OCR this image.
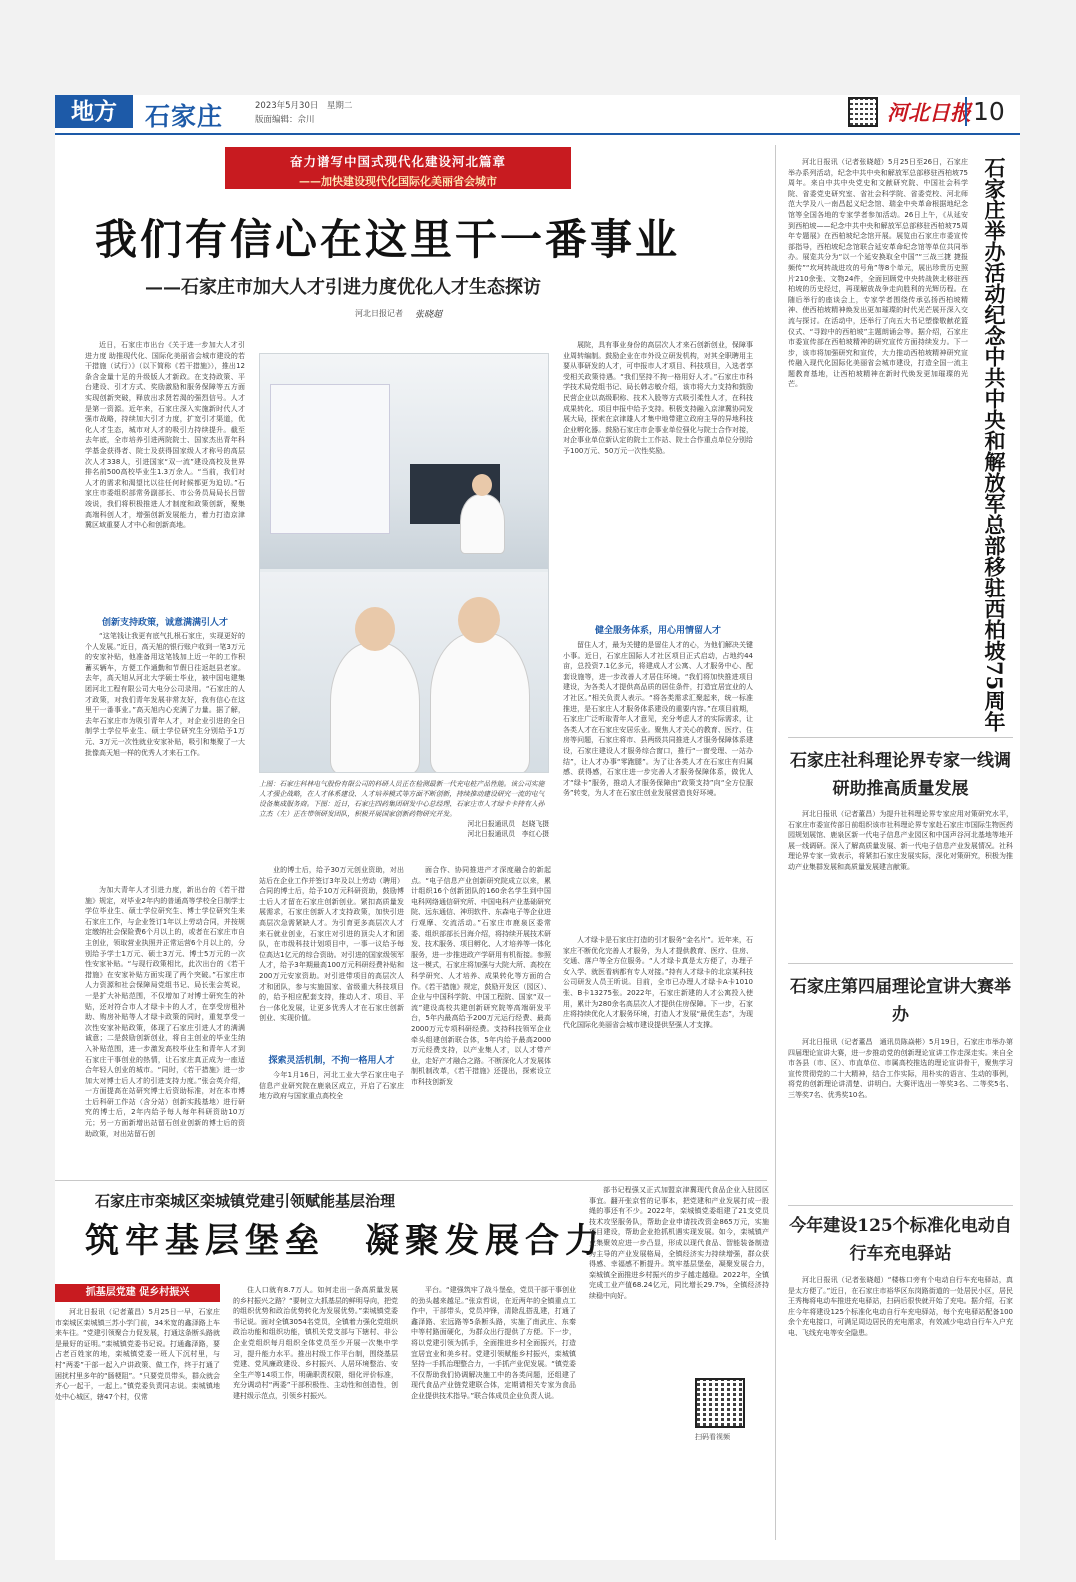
地方	石家庄	2023年5月30日　星期二
版面编辑：佘川	河北日报 10
奋力谱写中国式现代化建设河北篇章
——加快建设现代化国际化美丽省会城市
我们有信心在这里干一番事业
——石家庄市加大人才引进力度优化人才生态探访
河北日报记者 张晓超

近日，石家庄市出台《关于进一步加大人才引进力度 助推现代化、国际化美丽省会城市建设的若干措施（试行）》（以下简称《若干措施》），推出12条含金量十足的升级版人才新政。在支持政策、平台建设、引才方式、奖励激励和服务保障等五方面实现创新突破，释放出求贤若渴的强烈信号。人才是第一资源。近年来，石家庄深入实施新时代人才强市战略，持续加大引才力度，扩宽引才渠道，优化人才生态，城市对人才的吸引力持续提升。截至去年底，全市培养引进两院院士、国家杰出青年科学基金获得者、院士及获得国家级人才称号的高层次人才338人，引进国家“双一流”建设高校及世界排名前500高校毕业生1.3万余人。“当前，我们对人才的需求和渴望比以往任何时候都更为迫切。”石家庄市委组织部常务副部长、市公务员局局长吕智竣说，我们将积极推进人才制度和政策创新，聚集高端科创人才，增强创新发展能力，着力打造京津冀区域重要人才中心和创新高地。

创新支持政策，诚意满满引人才

“这笔钱让我更有底气扎根石家庄，实现更好的个人发展。”近日，高天旭的银行账户收到一笔3万元的安家补贴，他准备用这笔钱加上近一年的工作积蓄买辆车，方便工作通勤和节假日往返赵县老家。去年，高天旭从河北大学硕士毕业，被中国电建集团河北工程有限公司大电分公司录用。“石家庄的人才政策，对我们青年发展非常友好，我有信心在这里干一番事业。”高天旭内心充满了力量。据了解，去年石家庄市为吸引青年人才，对企业引进的全日制学士学位毕业生、硕士学位研究生分别给予1万元、3万元一次性就业安家补贴，吸引和集聚了一大批像高天旭一样的优秀人才来石工作。

为加大青年人才引进力度，新出台的《若干措施》规定，对毕业2年内的普通高等学校全日制学士学位毕业生、硕士学位研究生、博士学位研究生来石家庄工作，与企业签订1年以上劳动合同，并按规定缴纳社会保险费6个月以上的，或者在石家庄市自主创业，领取营业执照并正常运营6个月以上的，分别给予学士1万元、硕士3万元、博士5万元的一次性安家补贴。“与现行政策相比，此次出台的《若干措施》在安家补贴方面实现了两个突破。”石家庄市人力资源和社会保障局党组书记、局长张会英说，一是扩大补贴范围，不仅增加了对博士研究生的补贴，还对符合市人才绿卡卡的人才，在享受房租补助、购房补贴等人才绿卡政策的同时，重复享受一次性安家补贴政策，体现了石家庄引进人才的满满诚意；二是鼓励创新创业，将自主创业的毕业生纳入补贴范围，进一步激发高校毕业生和青年人才到石家庄干事创业的热情，让石家庄真正成为一座适合年轻人创业的城市。“同时，《若干措施》进一步加大对博士后人才的引进支持力度。”张会英介绍，一方面提高在站研究博士后资助标准，对在本市博士后科研工作站（含分站）创新实践基地）进行研究的博士后，2年内给予每人每年科研资助10万元；另一方面新增出站留石创业创新的博士后的资助政策，对出站留石创

上图：石家庄科林电气股份有限公司的科研人员正在检测最新一代充电桩产品性能。该公司实施人才强企战略，在人才体系建设、人才培养模式等方面不断创新，持续推动建设研究一流的电气设备集成服务商。下图：近日，石家庄四药集团研发中心总经理、石家庄市人才绿卡卡持有人孙立杰（左）正在带领研发团队，积极开展国家创新药物研究开发。
河北日报通讯员　赵晓飞摄
河北日报通讯员　李红心摄

业的博士后，给予30万元创业资助，对出站后在企业工作并签订3年及以上劳动（聘用）合同的博士后，给予10万元科研资助，鼓励博士后人才留在石家庄创新创业。紧扣高质量发展需求，石家庄创新人才支持政策，加快引进高层次急需紧缺人才。为引育更多高层次人才来石就业创业，石家庄对引进的顶尖人才和团队，在市级科技计划项目中，一事一议给予每位高达1亿元的综合资助。对引进的国家级领军人才，给予3年期最高100万元科研经费补贴和200万元安家资助。对引进带项目的高层次人才和团队，参与实施国家、省级重大科技项目的，给予相应配套支持，推动人才、项目、平台一体化发展，让更多优秀人才在石家庄创新创业、实现价值。

探索灵活机制，不拘一格用人才

今年1月16日，河北工业大学石家庄电子信息产业研究院在鹿泉区成立，开启了石家庄地方政府与国家重点高校全

面合作、协同推进产才深度融合的新起点。“电子信息产业创新研究院成立以来，累计组织16个创新团队的160余名学生到中国电科网络通信研究所、中国电科产业基础研究院、远东通信、神玥软件、东森电子等企业进行观摩、交流活动。”石家庄市鹿泉区委常委、组织部部长吕海介绍，将持续开展技术研发、技术服务、项目孵化、人才培养等一体化服务，进一步推进政产学研用有机衔接。参照这一模式，石家庄将加强与大院大所、高校在科学研究、人才培养、成果转化等方面的合作。《若干措施》规定，鼓励开发区（园区）、企业与中国科学院、中国工程院、国家“双一流”建设高校共建创新研究院等高端研发平台，5年内最高给予200万元运行经费、最高2000万元专项科研经费。支持科技领军企业牵头组建创新联合体，5年内给予最高2000万元经费支持，以产业集人才，以人才带产业，走好产才融合之路。不断深化人才发展体制机制改革，《若干措施》还提出，探索设立市科技创新发

展院，具有事业身份的高层次人才来石创新创业，保障事业周转编制。鼓励企业在市外设立研发机构，对其全职聘用主要从事研发的人才，可申报市人才项目、科技项目，入选者享受相关政策待遇。“我们坚持不拘一格用好人才。”石家庄市科学技术局党组书记、局长韩志敏介绍，该市将大力支持和鼓励民营企业以高级职称、技术入股等方式吸引柔性人才，在科技成果转化、项目申报中给予支持。积极支持融入京津冀协同发展大局，探索在京津雄人才集中地带建立政府主导的异地科技企业孵化器。鼓励石家庄市企事业单位强化与院士合作对接，对企事业单位新认定的院士工作站、院士合作重点单位分别给予100万元、50万元一次性奖励。

健全服务体系，用心用情留人才

留住人才，最为关键的是留住人才的心，为他们解决关键小事。近日，石家庄国际人才社区项目正式启动，占地约44亩，总投资7.1亿多元，将建成人才公寓、人才服务中心、配套设施等，进一步改善人才居住环境。“我们将加快推进项目建设，为各类人才提供高品质的居住条件，打造宜居宜业的人才社区。”相关负责人表示。“将各类需求汇聚起来，统一标准推进，是石家庄人才服务体系建设的重要内容。”在项目前期，石家庄广泛听取青年人才意见，充分考虑人才的实际需求，让各类人才在石家庄安居乐业。聚焦人才关心的教育、医疗、住房等问题，石家庄将市、县两级共同推进人才服务保障体系建设，石家庄建设人才服务综合窗口，推行“一窗受理、一站办结”，让人才办事“零跑腿”。为了让各类人才在石家庄有归属感、获得感，石家庄进一步完善人才服务保障体系，做优人才“绿卡”服务，推动人才服务保障由“政策支持”向“全方位服务”转变，为人才在石家庄创业发展营造良好环境。

人才绿卡是石家庄打造的引才服务“金名片”。近年来，石家庄不断优化完善人才服务，为人才提供教育、医疗、住房、交通、落户等全方位服务。“人才绿卡真是太方便了，办理子女入学、就医看病都有专人对接。”持有人才绿卡的北京某科技公司研发人员王昕说。目前，全市已办理人才绿卡A卡1010张、B卡13275张。2022年，石家庄新建的人才公寓投入使用，累计为280余名高层次人才提供住房保障。下一步，石家庄将持续优化人才服务环境，打造人才发展“最优生态”，为现代化国际化美丽省会城市建设提供坚强人才支撑。

河北日报讯（记者张晓超）5月25日至26日，石家庄举办系列活动，纪念中共中央和解放军总部移驻西柏坡75周年。来自中共中央党史和文献研究院、中国社会科学院、省委党史研究室、省社会科学院、省委党校、河北师范大学及八一南昌起义纪念馆、瑞金中央革命根据地纪念馆等全国各地的专家学者参加活动。26日上午，《从延安到西柏坡——纪念中共中央和解放军总部移驻西柏坡75周年专题展》在西柏坡纪念馆开展。展览由石家庄市委宣传部指导，西柏坡纪念馆联合延安革命纪念馆等单位共同举办。展览共分为“以一个延安换取全中国”“三战三捷 捷报频传”“坎坷转战进攻的号角”等8个单元，展出珍贵历史照片210余张、文物24件，全面回顾党中央转战陕北移驻西柏坡的历史经过，再现解放战争走向胜利的光辉历程。在随后举行的座谈会上，专家学者围绕传承弘扬西柏坡精神、使西柏坡精神焕发出更加璀璨的时代光芒展开深入交流与探讨。在活动中，还举行了向五大书记塑像敬献花篮仪式、“寻踪中的西柏坡”主题朗诵会等。据介绍，石家庄市委宣传部在西柏坡精神的研究宣传方面持续发力。下一步，该市将加强研究和宣传，大力推动西柏坡精神研究宣传融入现代化国际化美丽省会城市建设，打造全国一流主题教育基地，让西柏坡精神在新时代焕发更加璀璨的光芒。	石家庄举办活动纪念中共中央和解放军总部移驻西柏坡75周年
石家庄社科理论界专家一线调研助推高质量发展

河北日报讯（记者董昌）为提升社科理论界专家应用对策研究水平，石家庄市委宣传部日前组织该市社科理论界专家赴石家庄市国际生物医药园规划展馆、鹿泉区新一代电子信息产业园区和中国声谷河北基地等地开展一线调研。深入了解高质量发展、新一代电子信息产业发展情况。社科理论界专家一致表示，将紧扣石家庄发展实际，深化对策研究，积极为推动产业集群发展和高质量发展建言献策。

石家庄第四届理论宣讲大赛举办

河北日报讯（记者董昌　通讯员陈焱彬）5月19日，石家庄市举办第四届理论宣讲大赛，进一步推动党的创新理论宣讲工作走深走实。来自全市各县（市、区）、市直单位、市属高校推选的理论宣讲骨干，聚焦学习宣传贯彻党的二十大精神，结合工作实际，用朴实的语言、生动的事例，将党的创新理论讲清楚、讲明白。大赛评选出一等奖3名、二等奖5名、三等奖7名、优秀奖10名。

今年建设125个标准化电动自行车充电驿站

河北日报讯（记者张晓超）“楼栋口旁有个电动自行车充电驿站，真是太方便了。”近日，在石家庄市裕华区东岗路街道的一处居民小区，居民王秀梅将电动车推进充电驿站，扫码后很快就开始了充电。据介绍，石家庄今年将建设125个标准化电动自行车充电驿站，每个充电驿站配备100余个充电接口，可满足周边居民的充电需求，有效减少电动自行车入户充电、飞线充电等安全隐患。

石家庄市栾城区栾城镇党建引领赋能基层治理
筑牢基层堡垒　 凝聚发展合力
抓基层党建 促乡村振兴

河北日报讯（记者董昌）5月25日一早，石家庄市栾城区栾城镇三苏小学门前，34米宽的鑫泽路上车来车往。“党建引领聚合力促发展，打通这条断头路就是最好的证明。”栾城镇党委书记说。打通鑫泽路，要占老百姓家的地，栾城镇党委一班人下沉村里，与村“两委”干部一起入户讲政策、做工作，终于打通了困扰村里多年的“肠梗阻”。“只要党员带头，群众就会齐心一起干，一起上。”镇党委负责同志说。栾城镇地处中心城区，辖47个村，仅常

住人口就有8.7万人。如何走出一条高质量发展的乡村振兴之路？“要树立大抓基层的鲜明导向，把党的组织优势和政治优势转化为发展优势。”栾城镇党委书记说。面对全镇3054名党员，全镇着力强化党组织政治功能和组织功能，镇机关党支部与下辖村、非公企业党组织每月组织全体党员至少开展一次集中学习，提升能力水平。推出村级工作平台制，围绕基层党建、党风廉政建设、乡村振兴、人居环境整治、安全生产等14项工作，明确职责权限，细化评价标准，充分调动村“两委”干部积极性、主动性和创造性，创建村级示范点，引领乡村振兴。

平台。“建强筑牢了战斗堡垒，党员干部干事创业的劲头越来越足。”张京哲说，在近两年的全镇重点工作中，干部带头，党员冲锋，清除乱搭乱建，打通了鑫泽路、宏远路等5条断头路，实施了南武庄、东秦中等村路面硬化，为群众出行提供了方便。下一步，将以党建引领为抓手，全面推进乡村全面振兴，打造宜居宜业和美乡村。党建引领赋能乡村振兴，栾城镇坚持一手抓治理整合力，一手抓产业促发展。“镇党委不仅帮助我们协调解决施工中的各类问题，还组建了现代食品产业链党建联合体，定期请相关专家为食品企业提供技术指导。”联合体成员企业负责人说。

部书记程强又正式加盟京津冀现代食品企业入驻园区事宜。翻开张京哲的记事本，把党建和产业发展打成一股绳的事还有不少。2022年，栾城镇党委组建了21支党员技术攻坚服务队，帮助企业申请技改资金865万元，实施项目建设，帮助企业抢抓机遇实现发展。如今，栾城镇产业集聚效应进一步凸显，形成以现代食品、智能装备制造为主导的产业发展格局，全镇经济实力持续增强，群众获得感、幸福感不断提升。筑牢基层堡垒，凝聚发展合力，栾城镇全面推进乡村振兴的步子越走越稳。2022年，全镇完成工业产值68.24亿元，同比增长29.7%，全镇经济持续稳中向好。

扫码看视频
